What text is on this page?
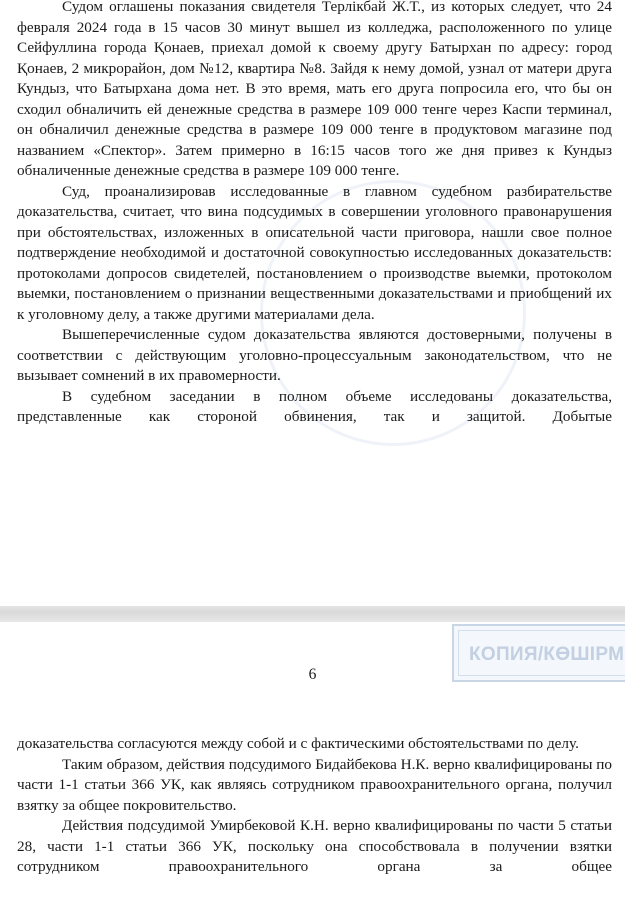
Судом оглашены показания свидетеля Терлікбай Ж.Т., из которых следует, что 24 февраля 2024 года в 15 часов 30 минут вышел из колледжа, расположенного по улице Сейфуллина города Қонаев, приехал домой к своему другу Батырхан по адресу: город Қонаев, 2 микрорайон, дом №12, квартира №8. Зайдя к нему домой, узнал от матери друга Кундыз, что Батырхана дома нет. В это время, мать его друга попросила его, что бы он сходил обналичить ей денежные средства в размере 109 000 тенге через Каспи терминал, он обналичил денежные средства в размере 109 000 тенге в продуктовом магазине под названием «Спектор». Затем примерно в 16:15 часов того же дня привез к Кундыз обналиченные денежные средства в размере 109 000 тенге.

Суд, проанализировав исследованные в главном судебном разбирательстве доказательства, считает, что вина подсудимых в совершении уголовного правонарушения при обстоятельствах, изложенных в описательной части приговора, нашли свое полное подтверждение необходимой и достаточной совокупностью исследованных доказательств: протоколами допросов свидетелей, постановлением о производстве выемки, протоколом выемки, постановлением о признании вещественными доказательствами и приобщений их к уголовному делу, а также другими материалами дела.

Вышеперечисленные судом доказательства являются достоверными, получены в соответствии с действующим уголовно-процессуальным законодательством, что не вызывает сомнений в их правомерности.

В судебном заседании в полном объеме исследованы доказательства, представленные как стороной обвинения, так и защитой. Добытые

КОПИЯ/КӨШІРМ
6

доказательства согласуются между собой и с фактическими обстоятельствами по делу.

Таким образом, действия подсудимого Бидайбекова Н.К. верно квалифицированы по части 1-1 статьи 366 УК, как являясь сотрудником правоохранительного органа, получил взятку за общее покровительство.

Действия подсудимой Умирбековой К.Н. верно квалифицированы по части 5 статьи 28, части 1-1 статьи 366 УК, поскольку она способствовала в получении взятки сотрудником правоохранительного органа за общее
